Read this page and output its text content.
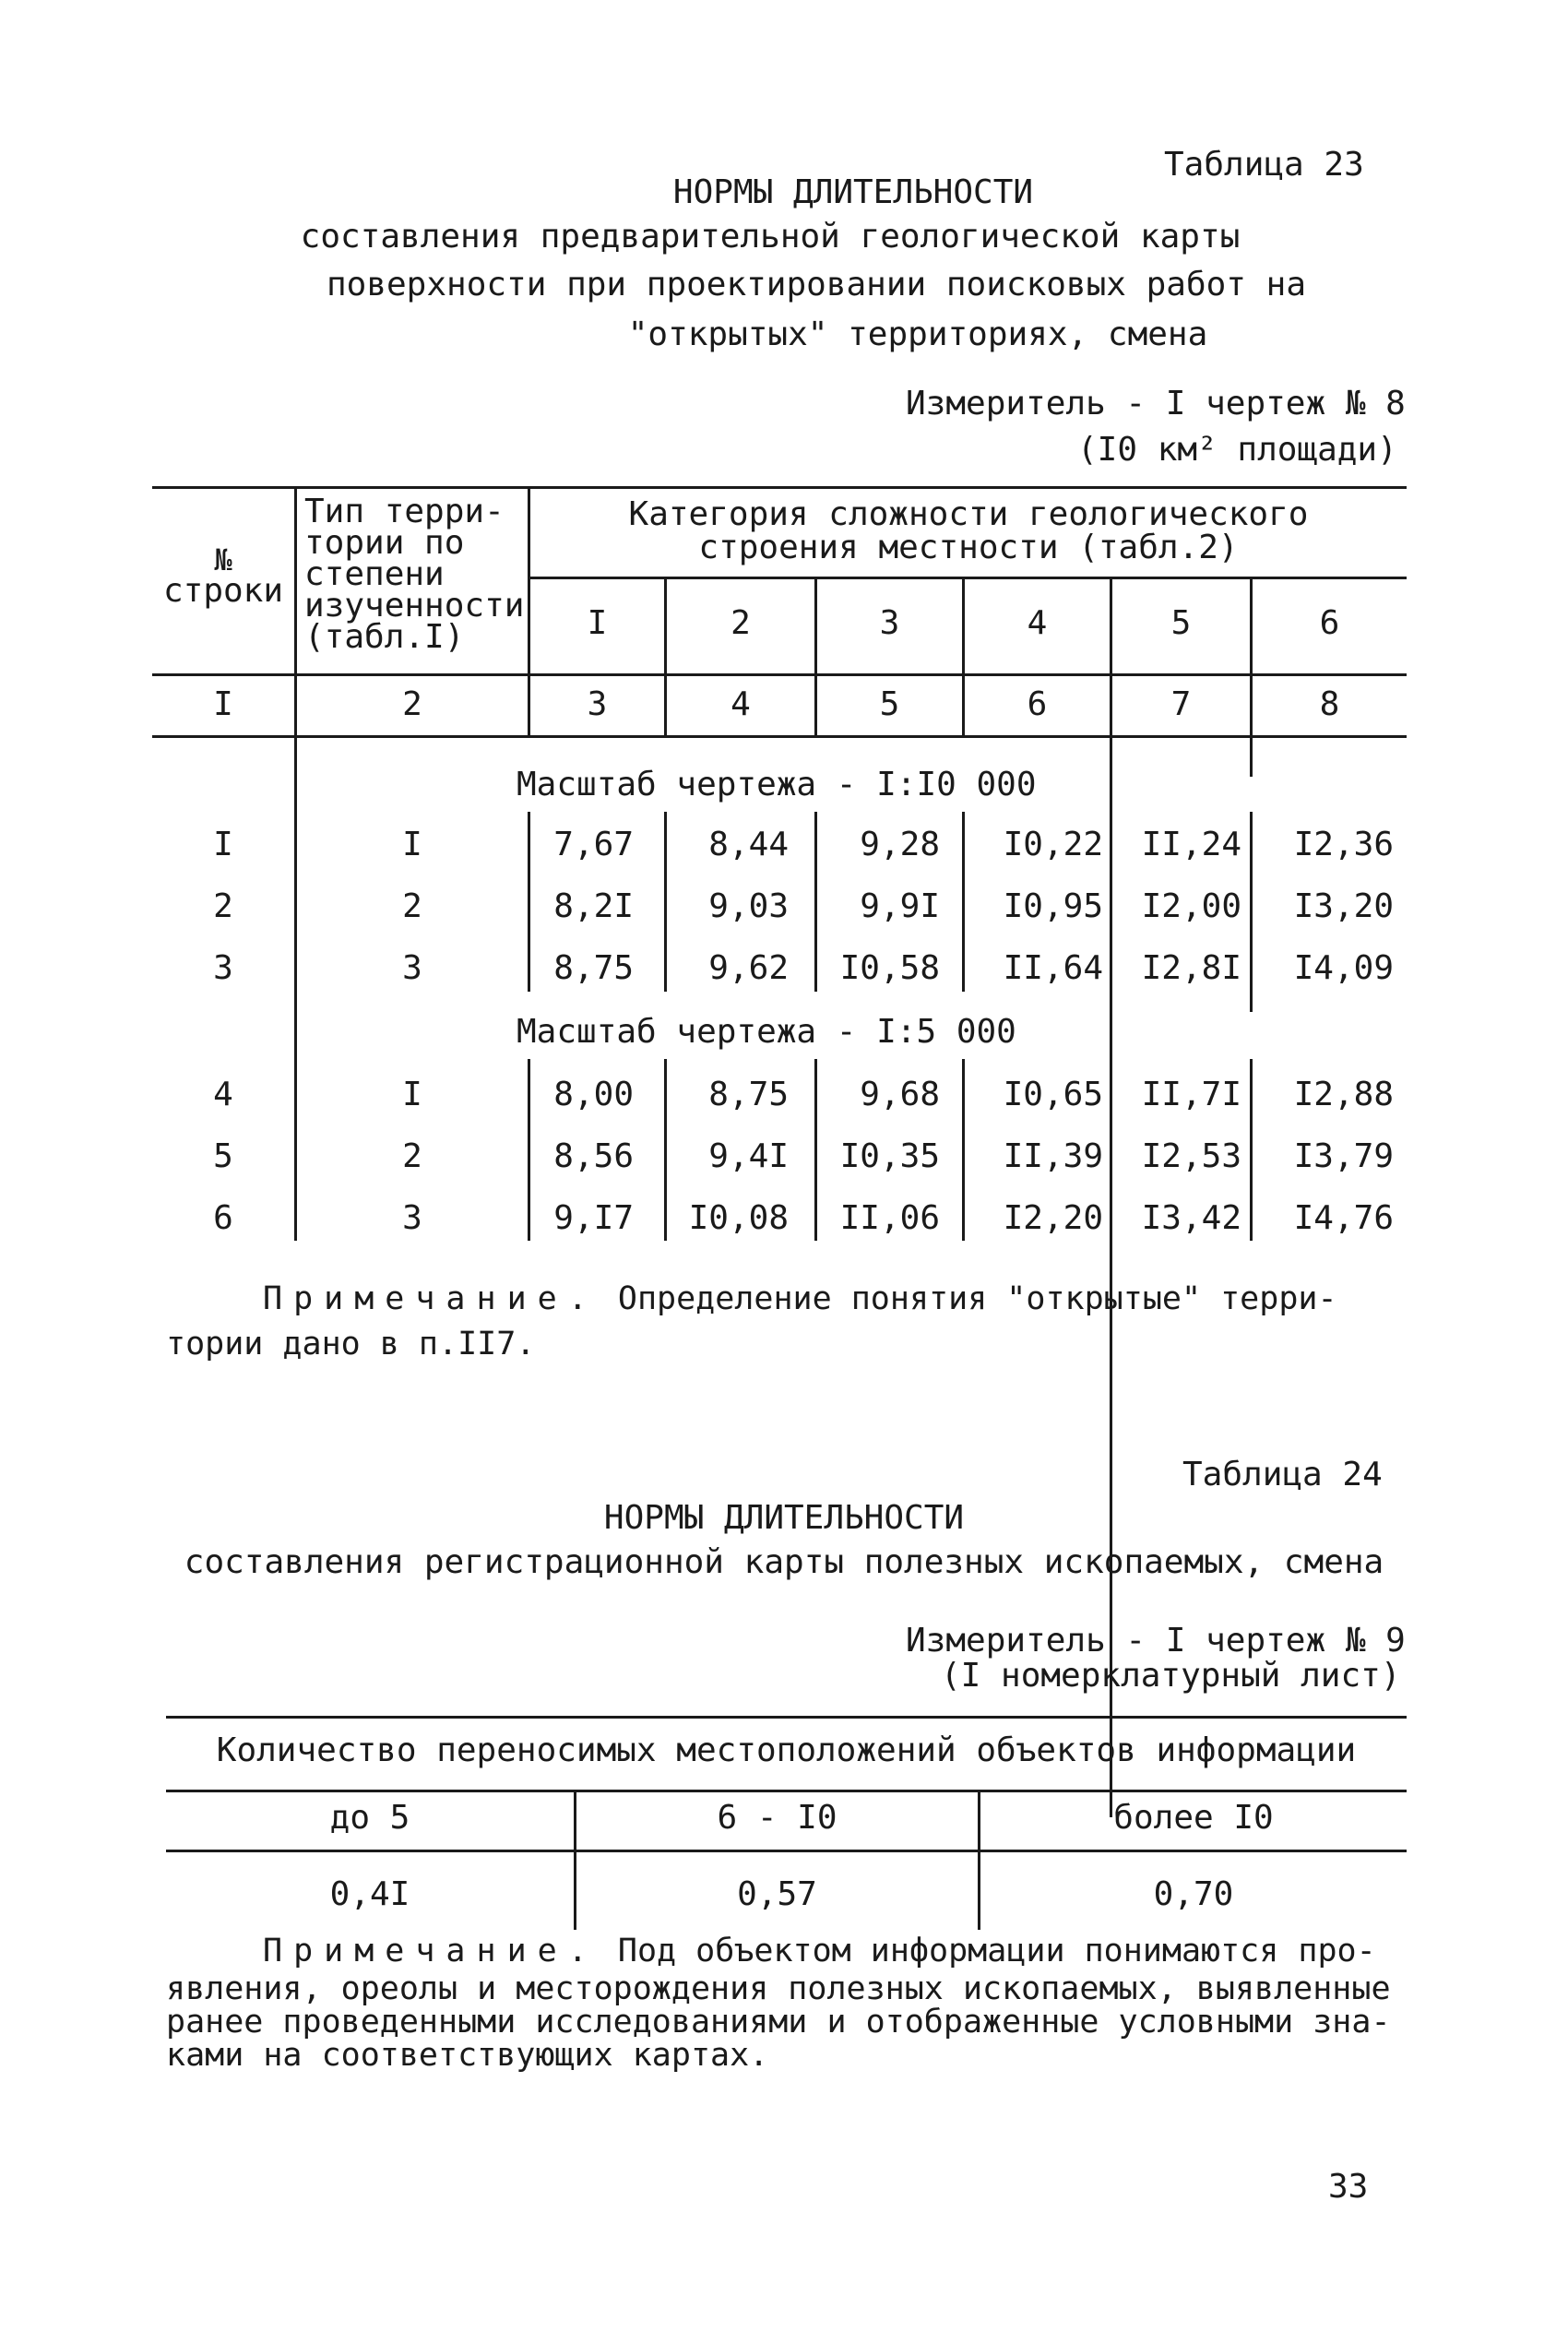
Таблица 23
НОРМЫ ДЛИТЕЛЬНОСТИ
составления предварительной геологической карты
поверхности при проектировании поисковых работ на
"открытых" территориях, смена
Измеритель - I чертеж № 8
(I0 км² площади)
№
строки
Тип терри-
тории по
степени
изученности
(табл.I)
Категория сложности геологического
строения местности (табл.2)
I	2	3	4	5	6
I	2	3	4	5	6	7	8
Масштаб чертежа - I:I0 000
I	I	7,67	8,44	9,28	I0,22	II,24	I2,36
2	2	8,2I	9,03	9,9I	I0,95	I2,00	I3,20
3	3	8,75	9,62	I0,58	II,64	I2,8I	I4,09
Масштаб чертежа - I:5 000
4	I	8,00	8,75	9,68	I0,65	II,7I	I2,88
5	2	8,56	9,4I	I0,35	II,39	I2,53	I3,79
6	3	9,I7	I0,08	II,06	I2,20	I3,42	I4,76
Примечание. Определение понятия "открытые" терри-
тории дано в п.II7.
Таблица 24
НОРМЫ ДЛИТЕЛЬНОСТИ
составления регистрационной карты полезных ископаемых, смена
Измеритель - I чертеж № 9
(I номерклатурный лист)
Количество переносимых местоположений объектов информации
до 5	6 - I0	более I0
0,4I	0,57	0,70
Примечание. Под объектом информации понимаются про-
явления, ореолы и месторождения полезных ископаемых, выявленные
ранее проведенными исследованиями и отображенные условными зна-
ками на соответствующих картах.
33
